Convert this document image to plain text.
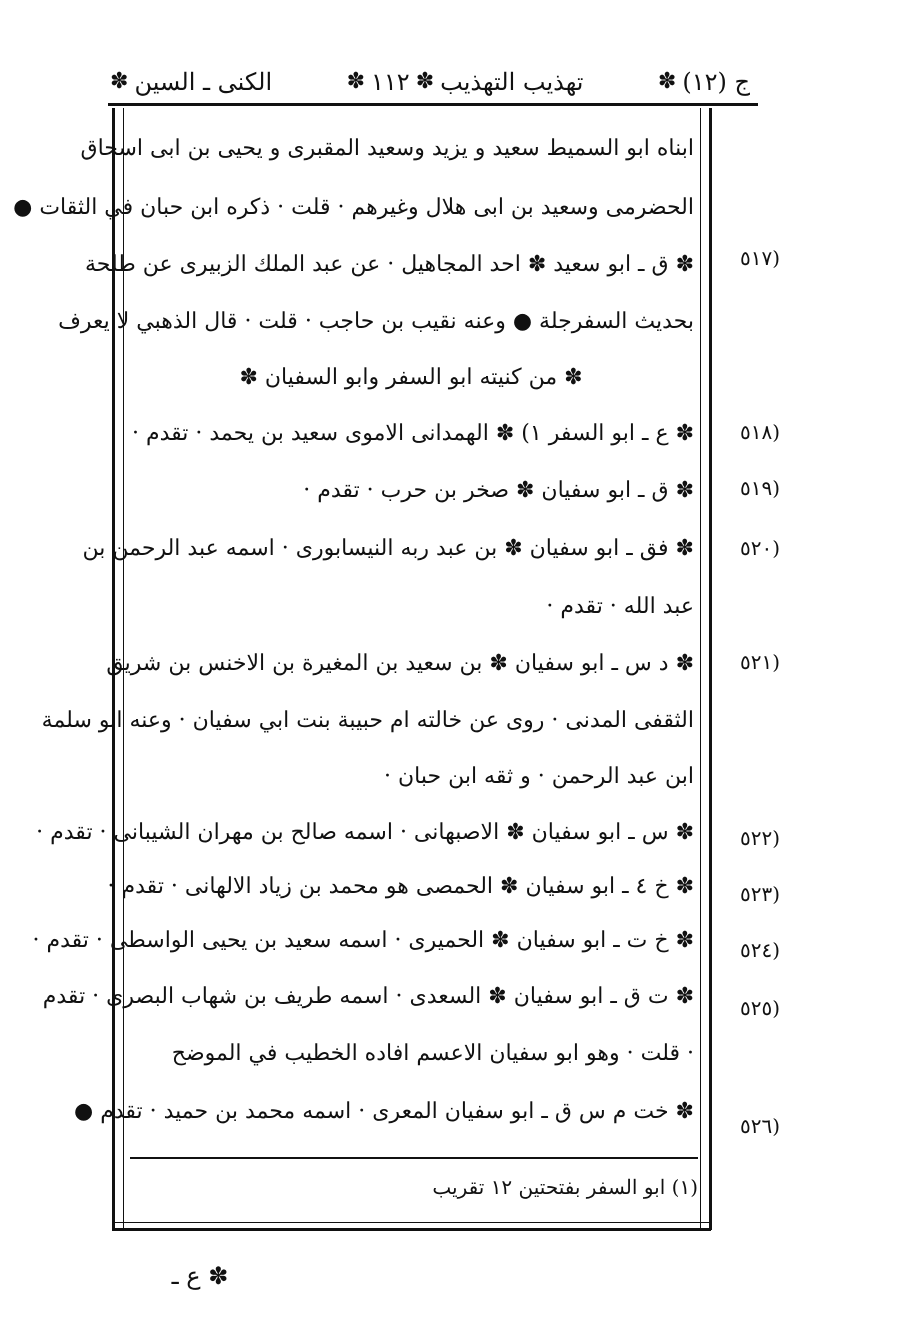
ج (١٢)
✽
تهذيب التهذيب
✽
١١٢
✽
الكنى ـ السين
✽
ابناه ابو السميط سعيد و يزيد وسعيد المقبرى و يحيى بن ابى اسحاق
الحضرمى وسعيد بن ابى هلال وغيرهم · قلت · ذكره ابن حبان في الثقات ●
✽ ق ـ ابو سعيد ✽ احد المجاهيل · عن عبد الملك الزبيرى عن طلحة
بحديث السفرجلة ● وعنه نقيب بن حاجب · قلت · قال الذهبي لا يعرف
✽ من كنيته ابو السفر وابو السفيان ✽
✽ ع ـ ابو السفر ١) ✽ الهمدانى الاموى سعيد بن يحمد · تقدم ·
✽ ق ـ ابو سفيان ✽ صخر بن حرب · تقدم ·
✽ فق ـ ابو سفيان ✽ بن عبد ربه النيسابورى · اسمه عبد الرحمن بن
عبد الله · تقدم ·
✽ د س ـ ابو سفيان ✽ بن سعيد بن المغيرة بن الاخنس بن شريق
الثقفى المدنى · روى عن خالته ام حبيبة بنت ابي سفيان · وعنه ابو سلمة
ابن عبد الرحمن · و ثقه ابن حبان ·
✽ س ـ ابو سفيان ✽ الاصبهانى · اسمه صالح بن مهران الشيبانى · تقدم ·
✽ خ ٤ ـ ابو سفيان ✽ الحمصى هو محمد بن زياد الالهانى · تقدم ·
✽ خ ت ـ ابو سفيان ✽ الحميرى · اسمه سعيد بن يحيى الواسطى · تقدم ·
✽ ت ق ـ ابو سفيان ✽ السعدى · اسمه طريف بن شهاب البصرى · تقدم
· قلت · وهو ابو سفيان الاعسم افاده الخطيب في الموضح
✽ خت م س ق ـ ابو سفيان المعرى · اسمه محمد بن حميد · تقدم ●
(٥١٧
(٥١٨
(٥١٩
(٥٢٠
(٥٢١
(٥٢٢
(٥٢٣
(٥٢٤
(٥٢٥
(٥٢٦
(١) ابو السفر بفتحتين ١٢ تقريب
✽ ع ـ
